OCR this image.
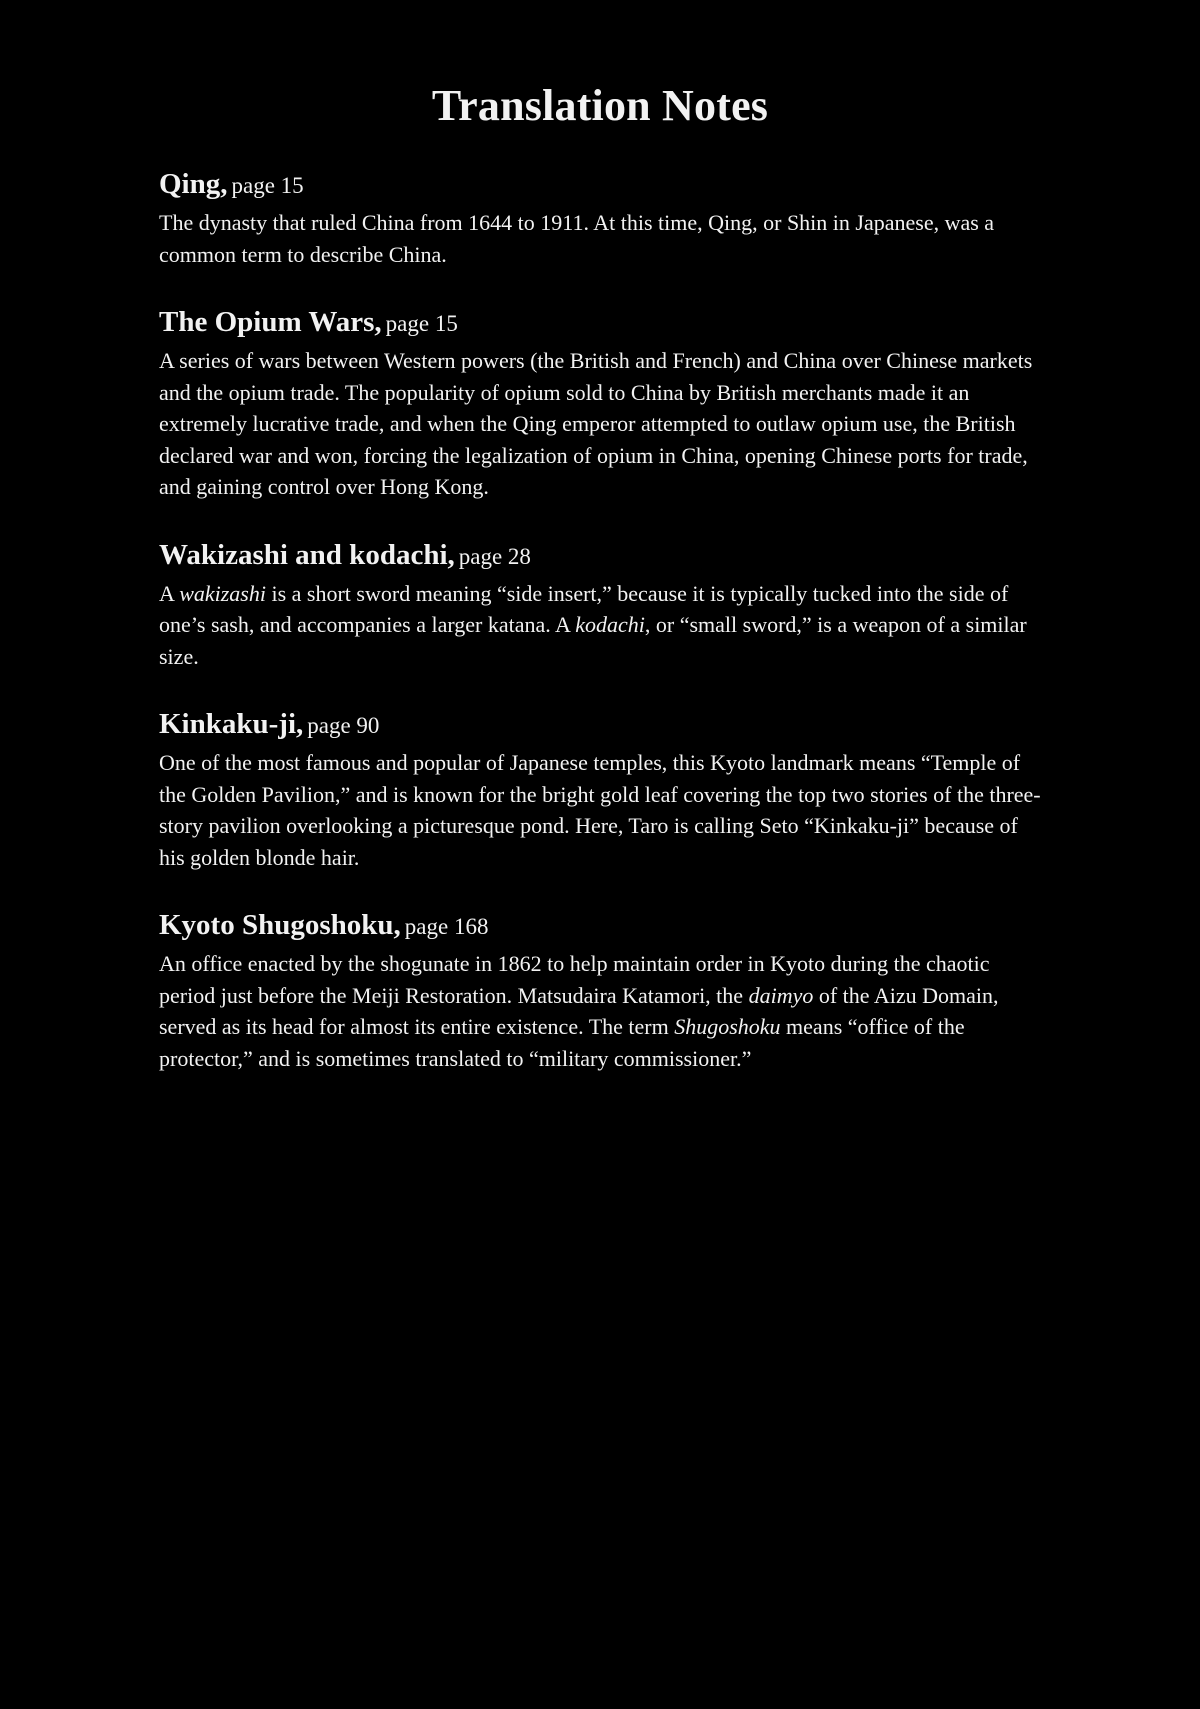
Translation Notes

Qing, page 15

The dynasty that ruled China from 1644 to 1911. At this time, Qing, or Shin in Japanese, was a common term to describe China.

The Opium Wars, page 15

A series of wars between Western powers (the British and French) and China over Chinese markets and the opium trade. The popularity of opium sold to China by British merchants made it an extremely lucrative trade, and when the Qing emperor attempted to outlaw opium use, the British declared war and won, forcing the legalization of opium in China, opening Chinese ports for trade, and gaining control over Hong Kong.

Wakizashi and kodachi, page 28

A wakizashi is a short sword meaning “side insert,” because it is typically tucked into the side of one’s sash, and accompanies a larger katana. A kodachi, or “small sword,” is a weapon of a similar size.

Kinkaku-ji, page 90

One of the most famous and popular of Japanese temples, this Kyoto landmark means “Temple of the Golden Pavilion,” and is known for the bright gold leaf covering the top two stories of the three-story pavilion overlooking a picturesque pond. Here, Taro is calling Seto “Kinkaku-ji” because of his golden blonde hair.

Kyoto Shugoshoku, page 168

An office enacted by the shogunate in 1862 to help maintain order in Kyoto during the chaotic period just before the Meiji Restoration. Matsudaira Katamori, the daimyo of the Aizu Domain, served as its head for almost its entire existence. The term Shugoshoku means “office of the protector,” and is sometimes translated to “military commissioner.”
